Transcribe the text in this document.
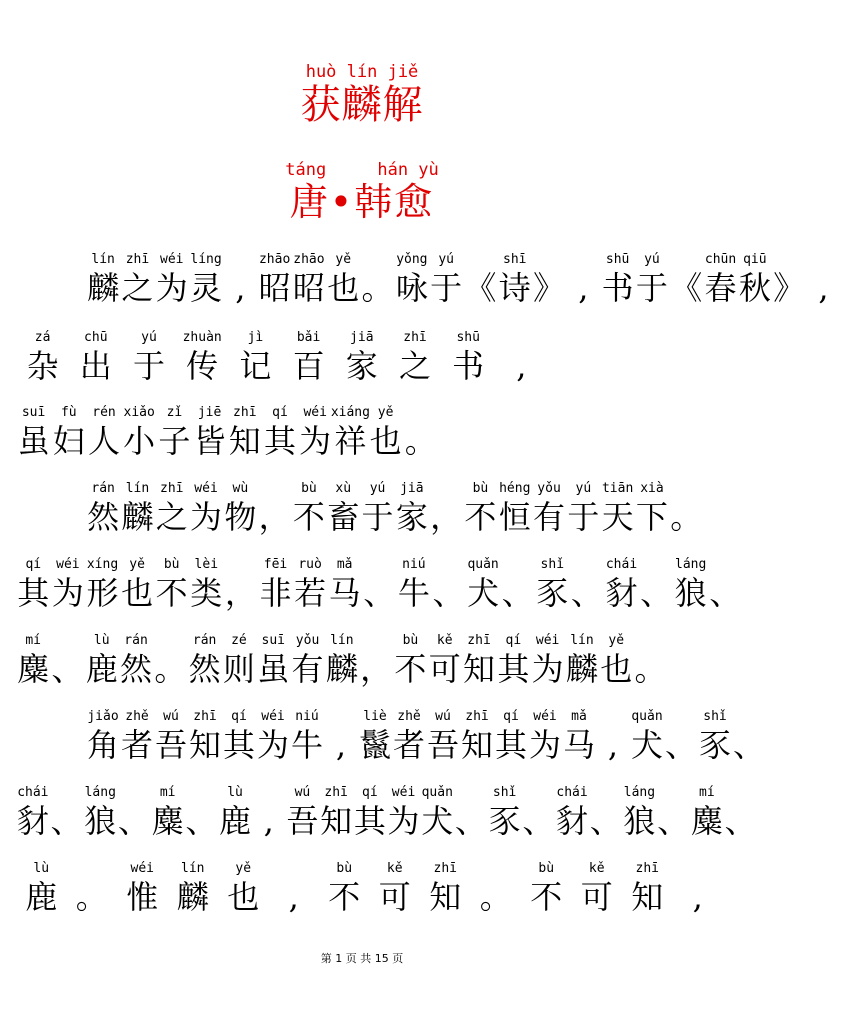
huò lín jiě
获麟解
táng     hán yù
唐•韩愈
lín
麟
zhī
之
wéi
为
líng
灵 ,
zhāo
昭
zhāo
昭
yě
也 。
yǒng
咏
yú
于 《
shī
诗 》 ,
shū
书
yú
于 《
chūn
春
qiū
秋 》 ,
zá
杂
chū
出
yú
于
zhuàn
传
jì
记
bǎi
百
jiā
家
zhī
之
shū
书	,
suī
虽
fù
妇
rén
人
xiǎo
小
zǐ
子
jiē
皆
zhī
知
qí
其
wéi
为
xiáng
祥
yě
也 。
rán
然
lín
麟
zhī
之
wéi
为
wù
物 ，
bù
不
xù
畜
yú
于
jiā
家 ，
bù
不
héng
恒
yǒu
有
yú
于
tiān
天
xià
下 。
qí
其
wéi
为
xíng
形
yě
也
bù
不
lèi
类 ，
fēi
非
ruò
若
mǎ
马 、
niú
牛 、
quǎn
犬 、
shǐ
豕 、
chái
豺 、
láng
狼 、
mí
麋 、
lù
鹿
rán
然 。
rán
然
zé
则
suī
虽
yǒu
有
lín
麟 ，
bù
不
kě
可
zhī
知
qí
其
wéi
为
lín
麟
yě
也 。
jiǎo
角
zhě
者
wú
吾
zhī
知
qí
其
wéi
为
niú
牛 ,
liè
鬣
zhě
者
wú
吾
zhī
知
qí
其
wéi
为
mǎ
马 ,
quǎn
犬 、
shǐ
豕 、
chái
豺 、
láng
狼 、
mí
麋 、
lù
鹿 ,
wú
吾
zhī
知
qí
其
wéi
为
quǎn
犬 、
shǐ
豕 、
chái
豺 、
láng
狼 、
mí
麋 、
lù
鹿 。
wéi
惟
lín
麟
yě
也 ,
bù
不
kě
可
zhī
知 。
bù
不
kě
可
zhī
知 ,
第 1 页 共 15 页
